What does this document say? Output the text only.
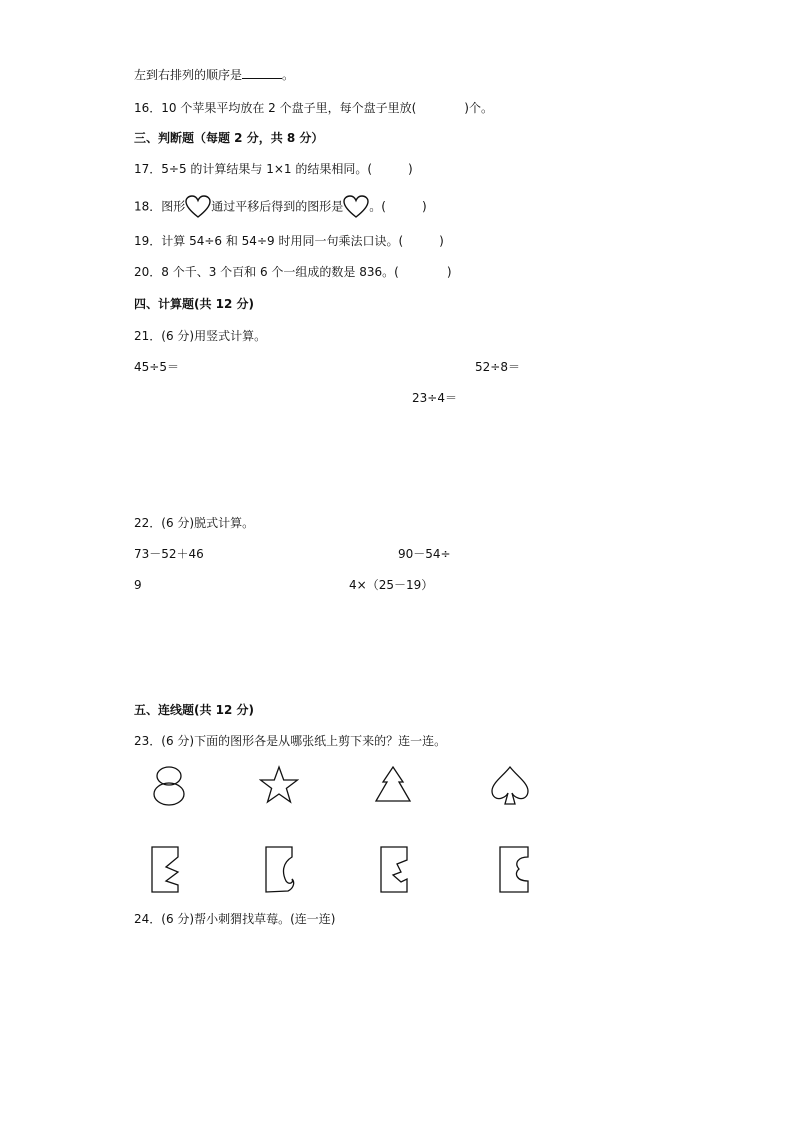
左到右排列的顺序是	。
16．10 个苹果平均放在 2 个盘子里，每个盘子里放(　　　　)个。
三、判断题（每题 2 分，共 8 分）
17．5÷5 的计算结果与 1×1 的结果相同。(　　　)
18．图形 通过平移后得到的图形是 。(　　　)
19．计算 54÷6 和 54÷9 时用同一句乘法口诀。(　　　)
20．8 个千、3 个百和 6 个一组成的数是 836。(　　　　)
四、计算题(共 12 分)
21．(6 分)用竖式计算。
45÷5＝	52÷8＝
23÷4＝
22．(6 分)脱式计算。
73－52＋46	90－54÷
9	4×（25－19）
五、连线题(共 12 分)
23．(6 分)下面的图形各是从哪张纸上剪下来的？连一连。
24．(6 分)帮小刺猬找草莓。(连一连)
